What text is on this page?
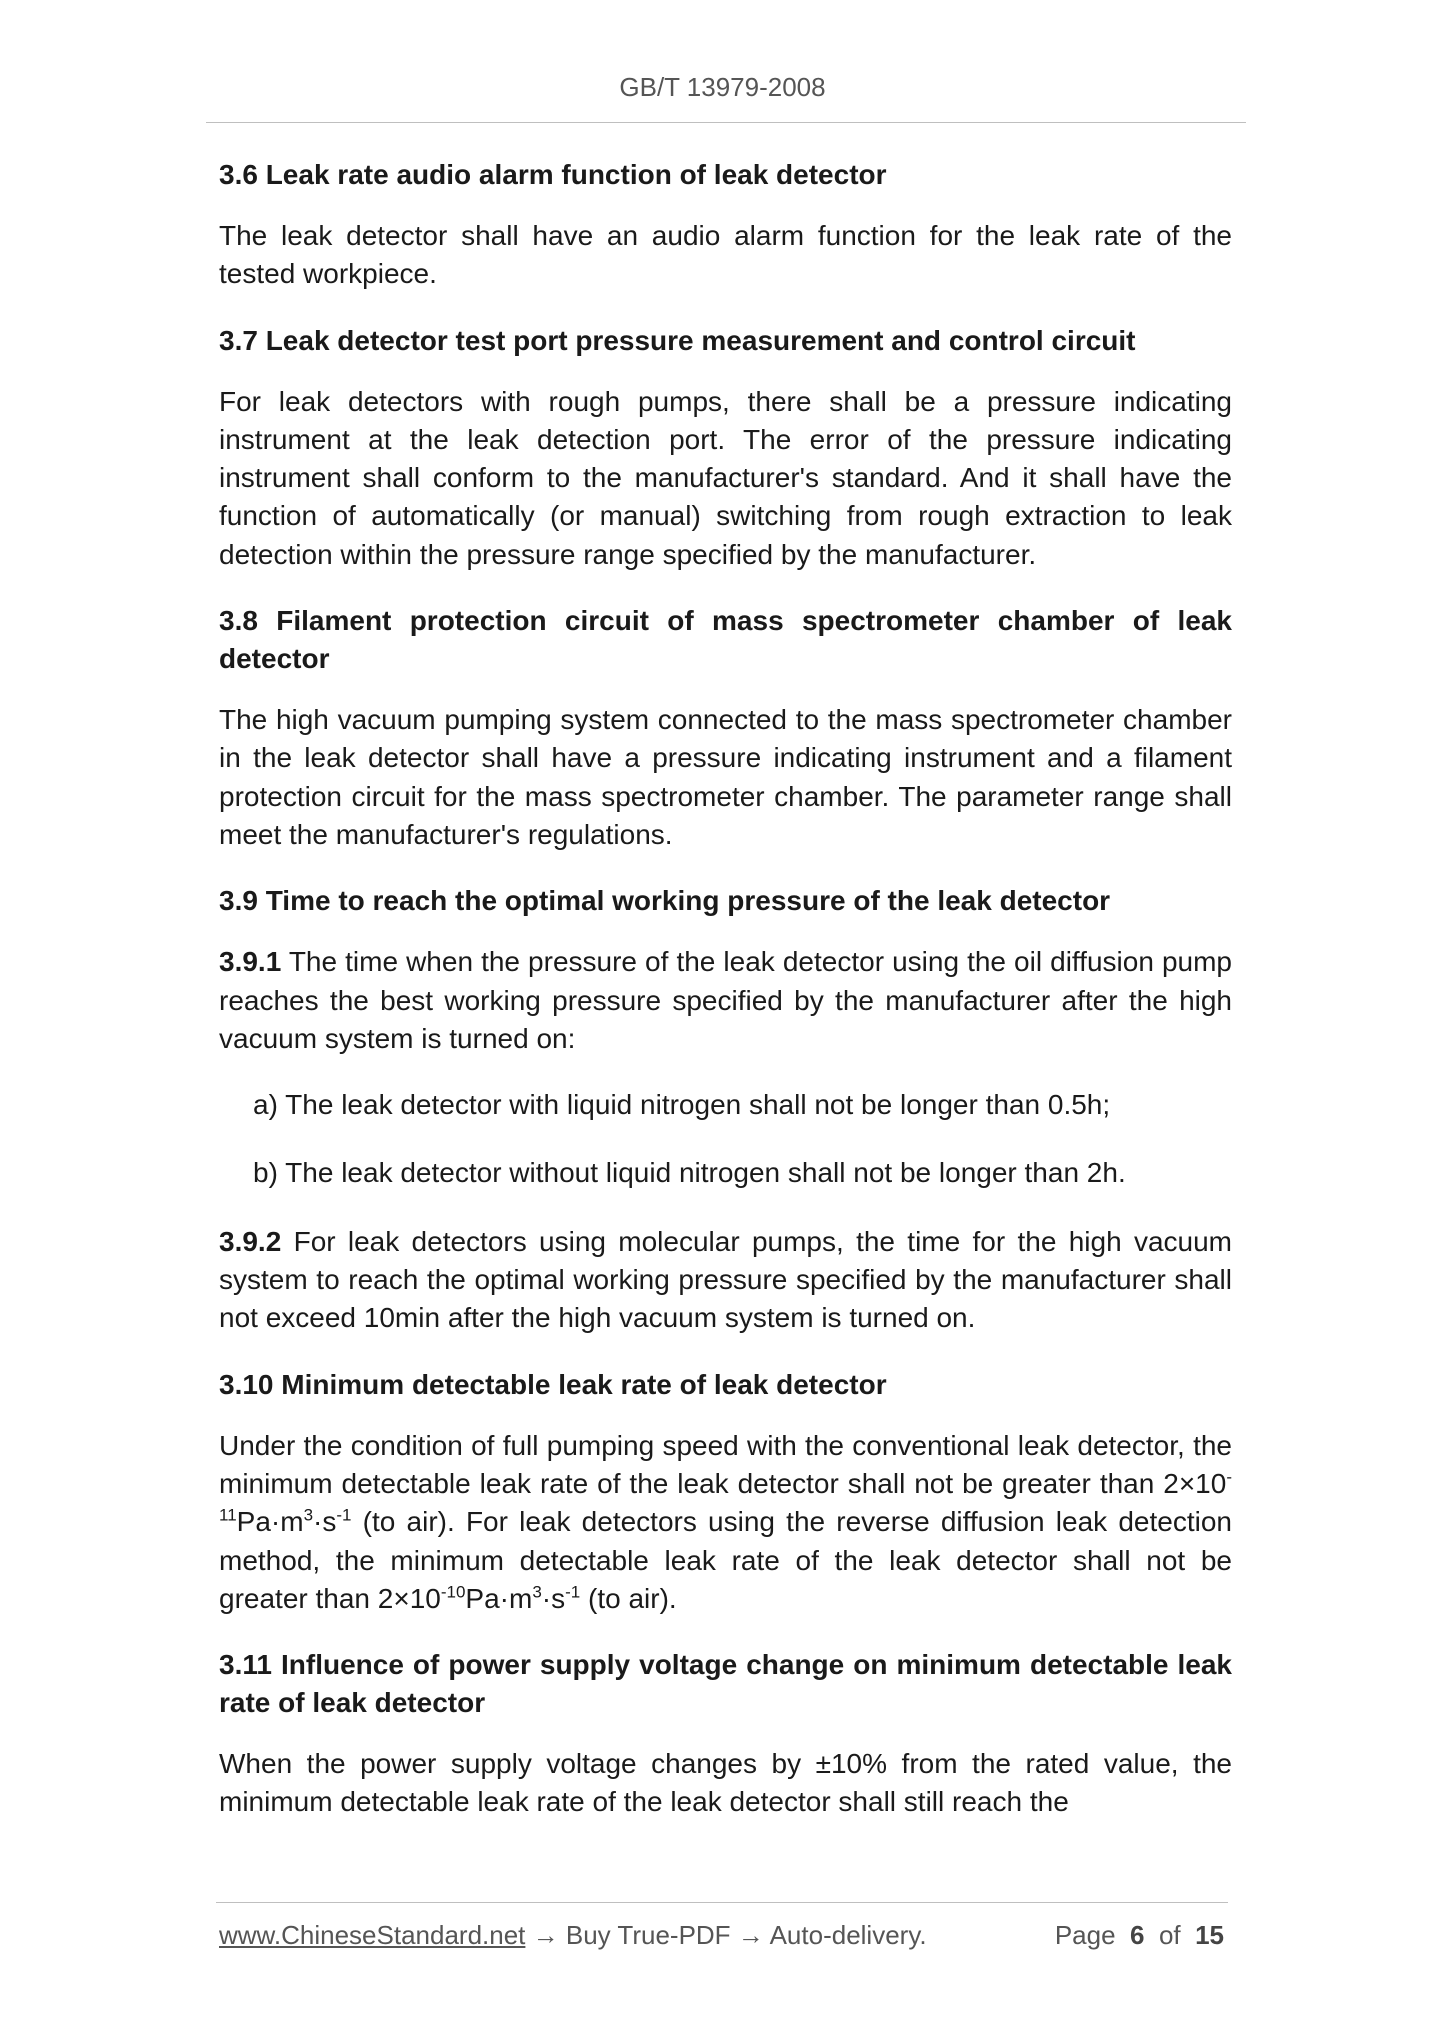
GB/T 13979-2008
3.6 Leak rate audio alarm function of leak detector

The leak detector shall have an audio alarm function for the leak rate of the tested workpiece.

3.7 Leak detector test port pressure measurement and control circuit

For leak detectors with rough pumps, there shall be a pressure indicating instrument at the leak detection port. The error of the pressure indicating instrument shall conform to the manufacturer's standard. And it shall have the function of automatically (or manual) switching from rough extraction to leak detection within the pressure range specified by the manufacturer.

3.8 Filament protection circuit of mass spectrometer chamber of leak detector

The high vacuum pumping system connected to the mass spectrometer chamber in the leak detector shall have a pressure indicating instrument and a filament protection circuit for the mass spectrometer chamber. The parameter range shall meet the manufacturer's regulations.

3.9 Time to reach the optimal working pressure of the leak detector

3.9.1 The time when the pressure of the leak detector using the oil diffusion pump reaches the best working pressure specified by the manufacturer after the high vacuum system is turned on:

a) The leak detector with liquid nitrogen shall not be longer than 0.5h;

b) The leak detector without liquid nitrogen shall not be longer than 2h.

3.9.2 For leak detectors using molecular pumps, the time for the high vacuum system to reach the optimal working pressure specified by the manufacturer shall not exceed 10min after the high vacuum system is turned on.

3.10 Minimum detectable leak rate of leak detector

Under the condition of full pumping speed with the conventional leak detector, the minimum detectable leak rate of the leak detector shall not be greater than $2\times 10^{-11}Pa\cdot m^3\cdot s^{-1}$ (to air). For leak detectors using the reverse diffusion leak detection method, the minimum detectable leak rate of the leak detector shall not be greater than $2\times 10^{-10}Pa\cdot m^3\cdot s^{-1}$ (to air).

3.11 Influence of power supply voltage change on minimum detectable leak rate of leak detector

When the power supply voltage changes by ±10% from the rated value, the minimum detectable leak rate of the leak detector shall still reach the

www.ChineseStandard.net → Buy True-PDF → Auto-delivery.	Page 6 of 15
